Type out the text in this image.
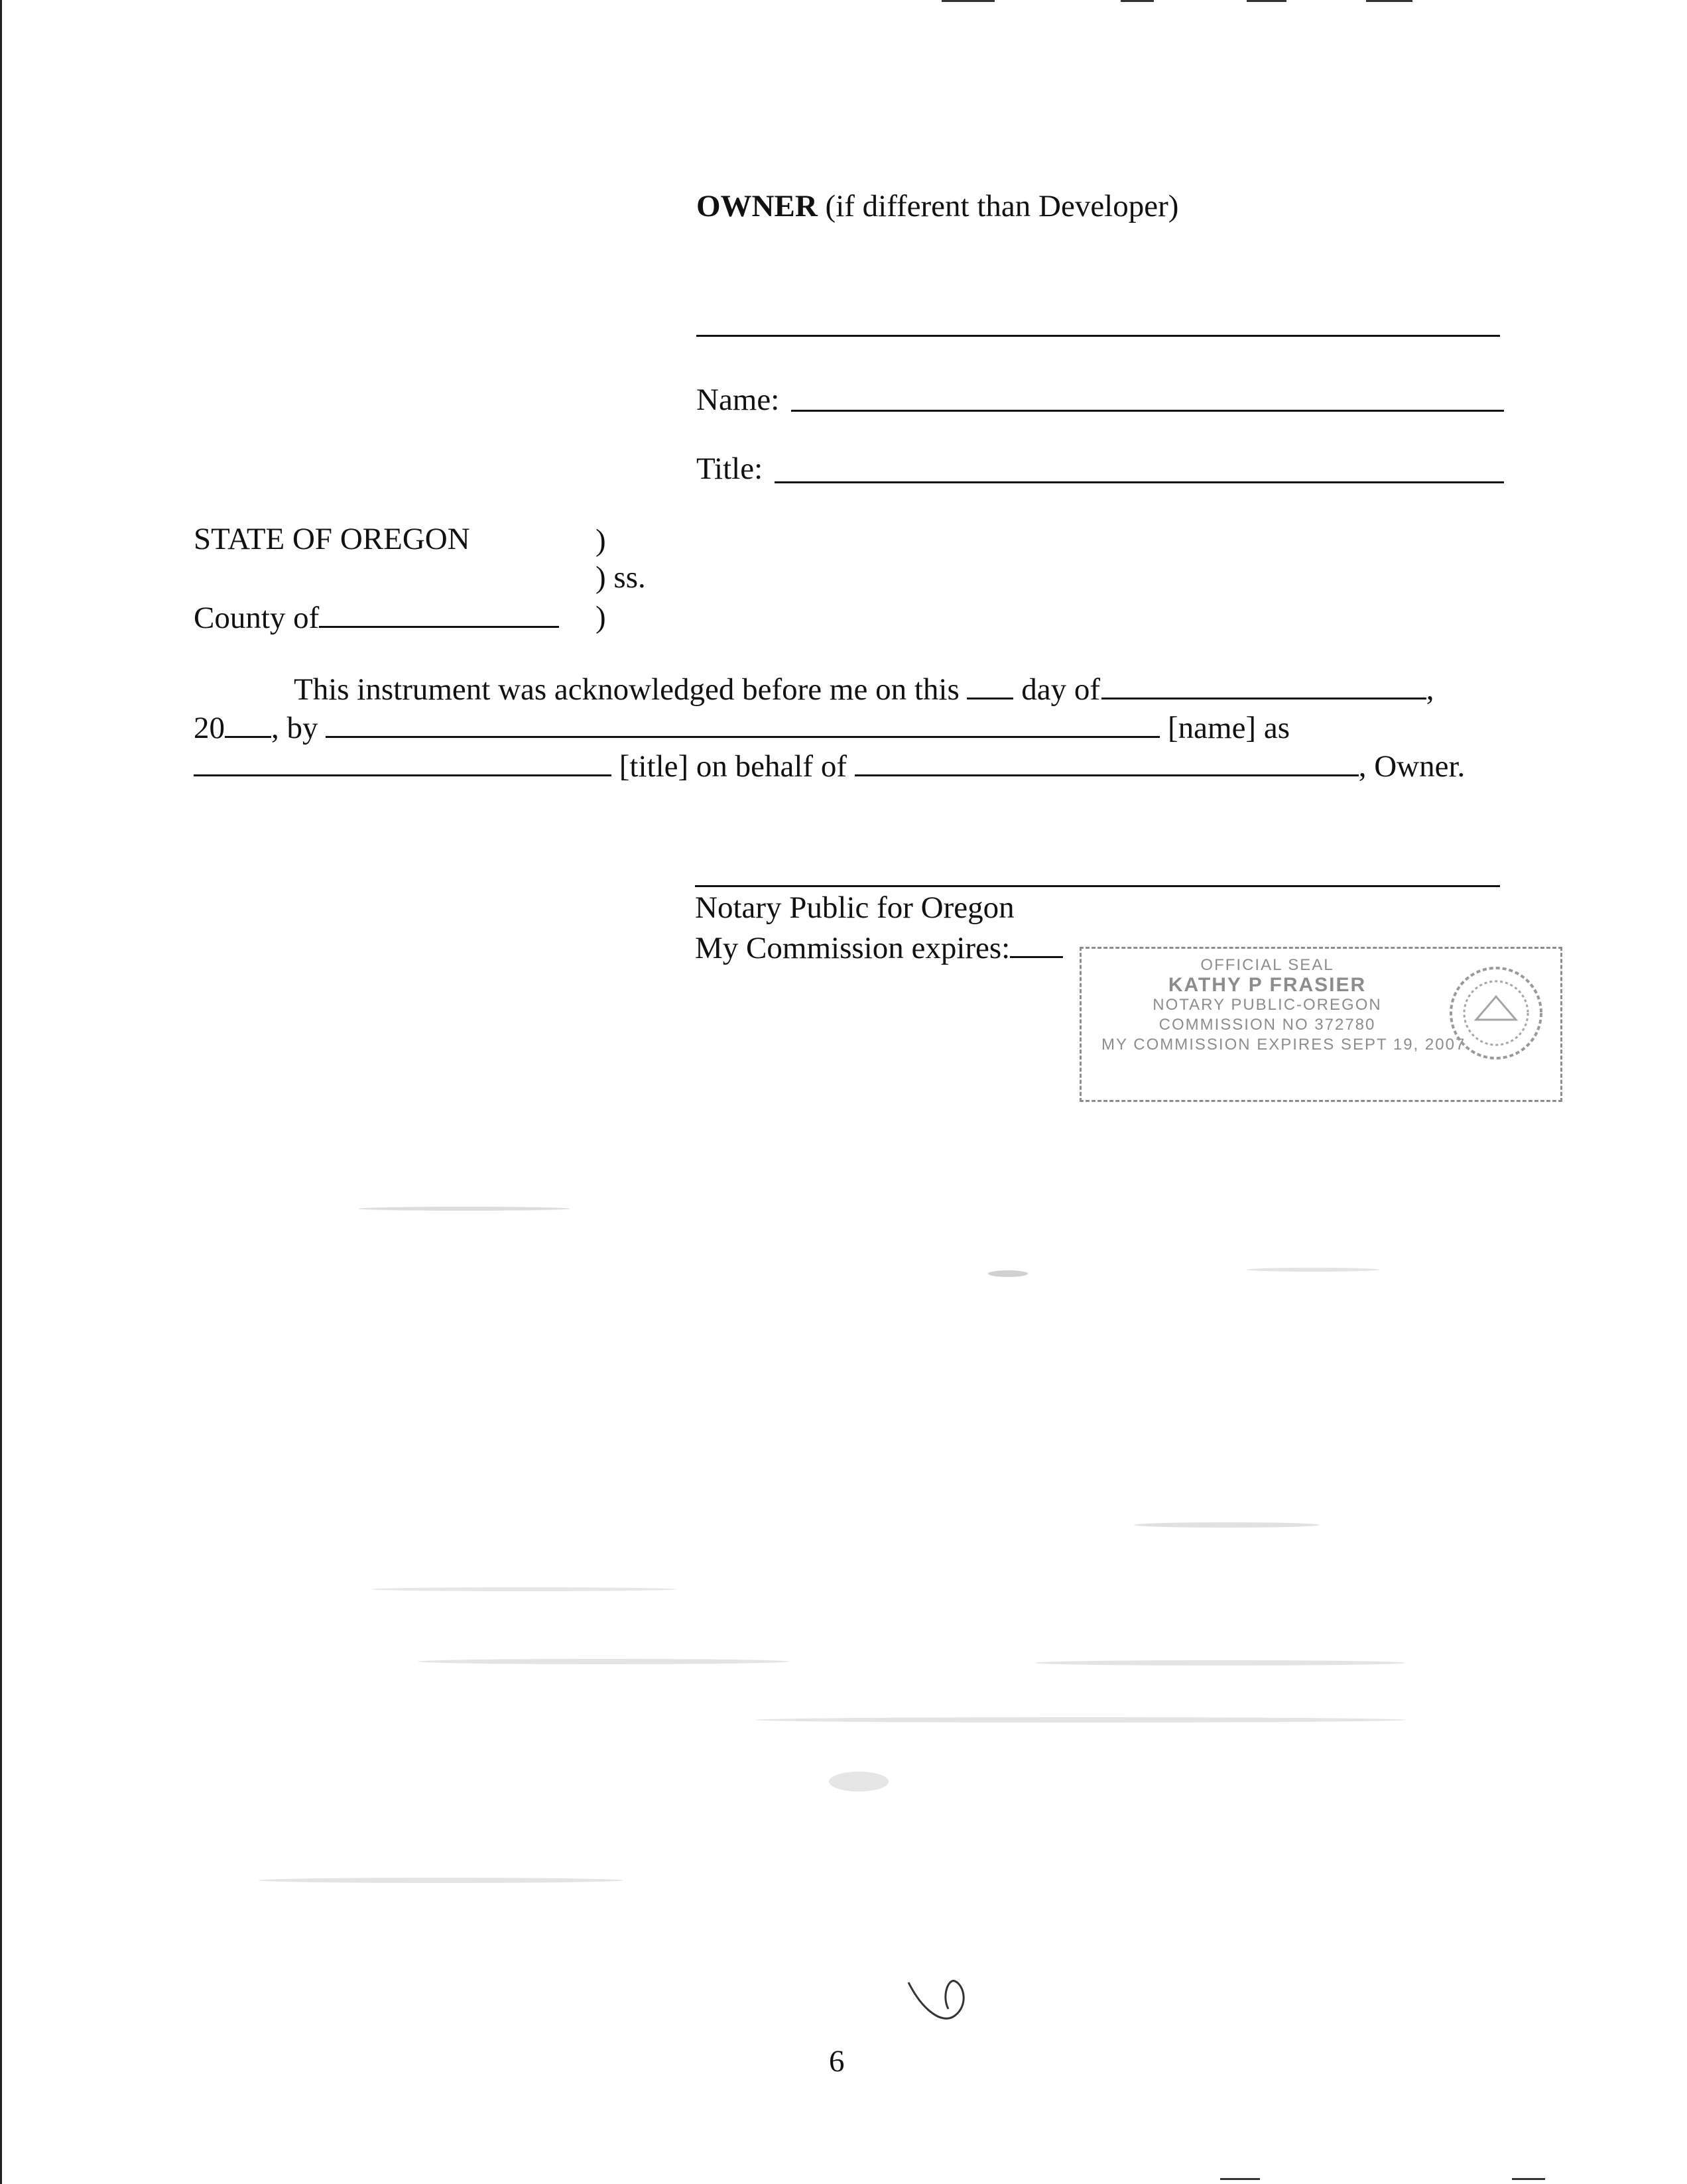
OWNER (if different than Developer)
Name:
Title:
STATE OF OREGON	)
) ss.
County of	)
This instrument was acknowledged before me on this day of	,
20 , by	[name] as
[title] on behalf of	, Owner.
Notary Public for Oregon
My Commission expires:	OFFICIAL SEAL
KATHY P FRASIER
NOTARY PUBLIC-OREGON
COMMISSION NO 372780
MY COMMISSION EXPIRES SEPT 19, 2007
6
